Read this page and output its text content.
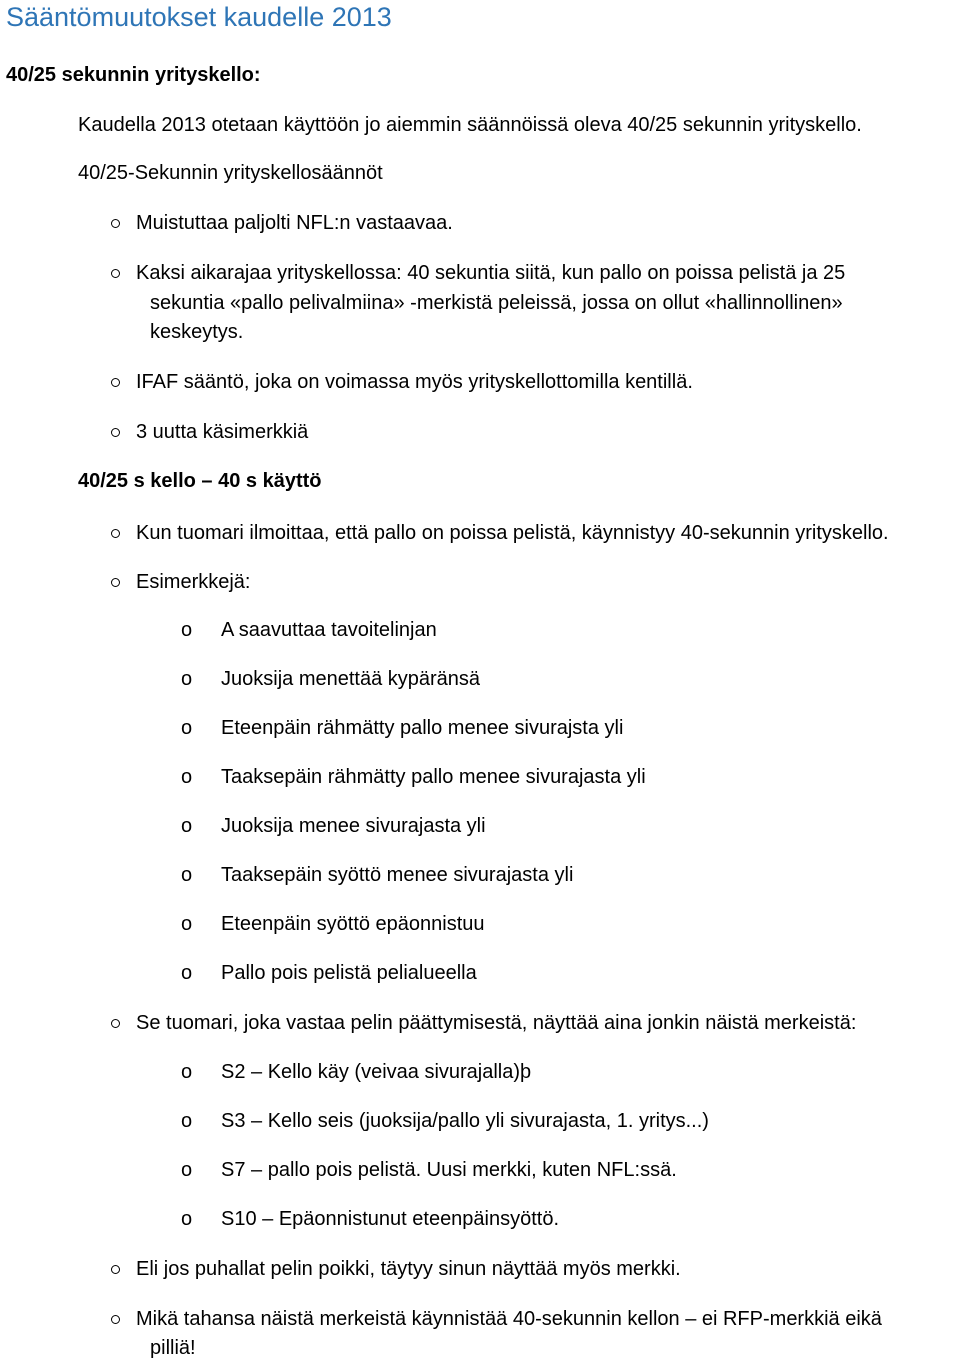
Sääntömuutokset kaudelle 2013

40/25 sekunnin yrityskello:

Kaudella 2013 otetaan käyttöön jo aiemmin säännöissä oleva 40/25 sekunnin yrityskello.

40/25-Sekunnin yrityskellosäännöt

Muistuttaa paljolti NFL:n vastaavaa.

Kaksi aikarajaa yrityskellossa: 40 sekuntia siitä, kun pallo on poissa pelistä ja 25

sekuntia «pallo pelivalmiina» -merkistä peleissä, jossa on ollut «hallinnollinen»

keskeytys.

IFAF sääntö, joka on voimassa myös yrityskellottomilla kentillä.

3 uutta käsimerkkiä

40/25 s kello – 40 s käyttö

Kun tuomari ilmoittaa, että pallo on poissa pelistä, käynnistyy 40-sekunnin yrityskello.

Esimerkkejä:

o A saavuttaa tavoitelinjan

o Juoksija menettää kypäränsä

o Eteenpäin rähmätty pallo menee sivurajsta yli

o Taaksepäin rähmätty pallo menee sivurajasta yli

o Juoksija menee sivurajasta yli

o Taaksepäin syöttö menee sivurajasta yli

o Eteenpäin syöttö epäonnistuu

o Pallo pois pelistä pelialueella

Se tuomari, joka vastaa pelin päättymisestä, näyttää aina jonkin näistä merkeistä:

o S2 – Kello käy (veivaa sivurajalla)þ

o S3 – Kello seis (juoksija/pallo yli sivurajasta, 1. yritys...)

o S7 – pallo pois pelistä. Uusi merkki, kuten NFL:ssä.

o S10 – Epäonnistunut eteenpäinsyöttö.

Eli jos puhallat pelin poikki, täytyy sinun näyttää myös merkki.

Mikä tahansa näistä merkeistä käynnistää 40-sekunnin kellon – ei RFP-merkkiä eikä

pilliä!
